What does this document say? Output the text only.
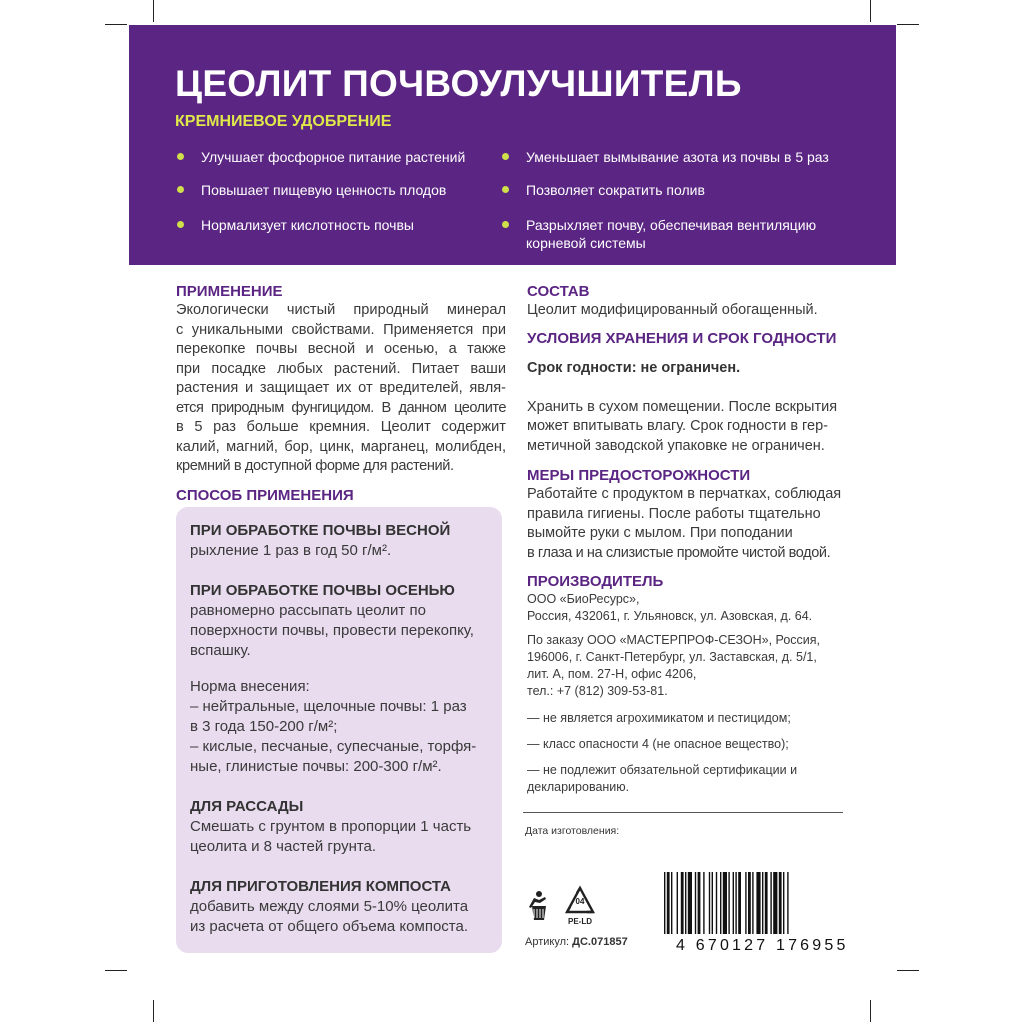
ЦЕОЛИТ ПОЧВОУЛУЧШИТЕЛЬ
КРЕМНИЕВОЕ УДОБРЕНИЕ
Улучшает фосфорное питание растений
Повышает пищевую ценность плодов
Нормализует кислотность почвы
Уменьшает вымывание азота из почвы в 5 раз
Позволяет сократить полив
Разрыхляет почву, обеспечивая вентиляцию
корневой системы
ПРИМЕНЕНИЕ
Экологически чистый природный минерал
с уникальными свойствами. Применяется при
перекопке почвы весной и осенью, а также
при посадке любых растений. Питает ваши
растения и защищает их от вредителей, явля-
ется природным фунгицидом. В данном цеолите
в 5 раз больше кремния. Цеолит содержит
калий, магний, бор, цинк, марганец, молибден,
кремний в доступной форме для растений.
СПОСОБ ПРИМЕНЕНИЯ
ПРИ ОБРАБОТКЕ ПОЧВЫ ВЕСНОЙ
рыхление 1 раз в год 50 г/м².
ПРИ ОБРАБОТКЕ ПОЧВЫ ОСЕНЬЮ
равномерно рассыпать цеолит по
поверхности почвы, провести перекопку,
вспашку.
Норма внесения:
– нейтральные, щелочные почвы: 1 раз
в 3 года 150-200 г/м²;
– кислые, песчаные, супесчаные, торфя-
ные, глинистые почвы: 200-300 г/м².
ДЛЯ РАССАДЫ
Смешать с грунтом в пропорции 1 часть
цеолита и 8 частей грунта.
ДЛЯ ПРИГОТОВЛЕНИЯ КОМПОСТА
добавить между слоями 5-10% цеолита
из расчета от общего объема компоста.
СОСТАВ
Цеолит модифицированный обогащенный.
УСЛОВИЯ ХРАНЕНИЯ И СРОК ГОДНОСТИ
Срок годности: не ограничен.
Хранить в сухом помещении. После вскрытия
может впитывать влагу. Срок годности в гер-
метичной заводской упаковке не ограничен.
МЕРЫ ПРЕДОСТОРОЖНОСТИ
Работайте с продуктом в перчатках, соблюдая
правила гигиены. После работы тщательно
вымойте руки с мылом. При поподании
в глаза и на слизистые промойте чистой водой.
ПРОИЗВОДИТЕЛЬ
ООО «БиоРесурс»,
Россия, 432061, г. Ульяновск, ул. Азовская, д. 64.
По заказу ООО «МАСТЕРПРОФ-СЕЗОН», Россия,
196006, г. Санкт-Петербург, ул. Заставская, д. 5/1,
лит. А, пом. 27-Н, офис 4206,
тел.: +7 (812) 309-53-81.
— не является агрохимикатом и пестицидом;
— класс опасности 4 (не опасное вещество);
— не подлежит обязательной сертификации и
декларированию.
Дата изготовления:
04
PE-LD
Артикул: ДС.071857	4 670127 176955
